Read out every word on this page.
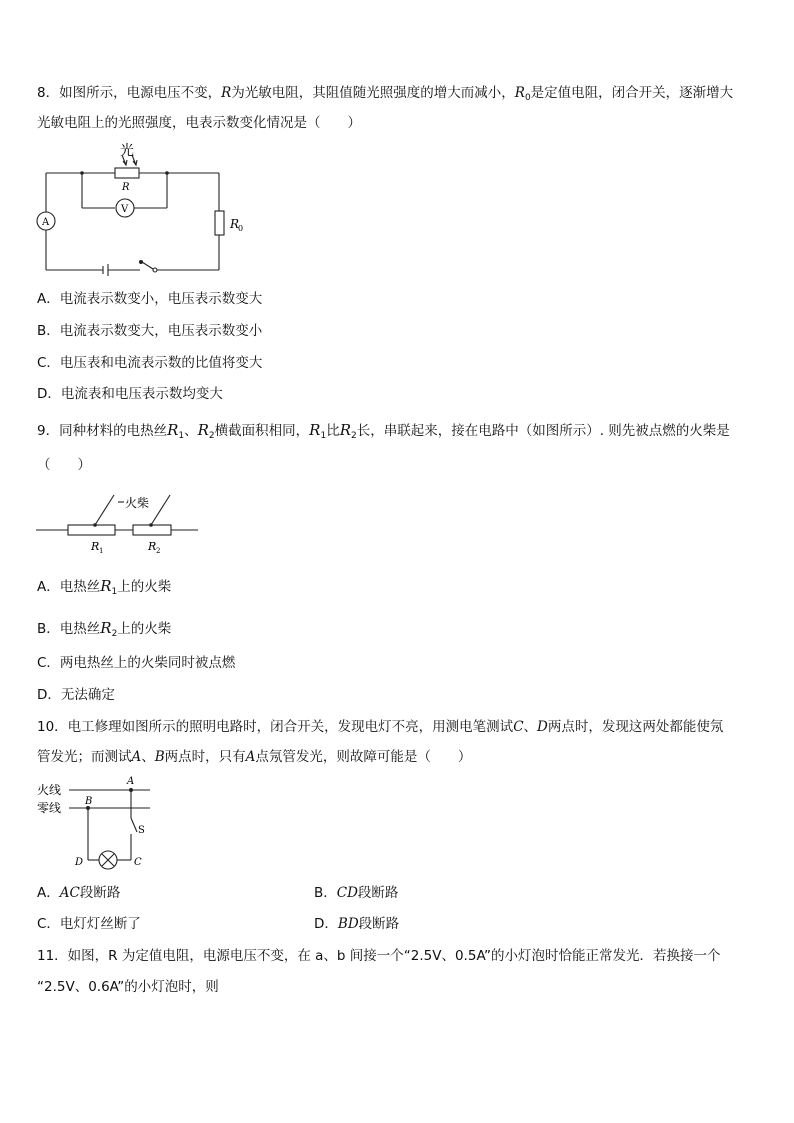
8．如图所示，电源电压不变，R为光敏电阻，其阻值随光照强度的增大而减小，$R_0$是定值电阻，闭合开关，逐渐增大
光敏电阻上的光照强度，电表示数变化情况是（　　）
光
R
V
A	R
0
A．电流表示数变小，电压表示数变大
B．电流表示数变大，电压表示数变小
C．电压表和电流表示数的比值将变大
D．电流表和电压表示数均变大
9．同种材料的电热丝$R_1$、$R_2$横截面积相同，$R_1$比$R_2$长，串联起来，接在电路中（如图所示）. 则先被点燃的火柴是
（　　）
火柴
R 1	R 2
A．电热丝$R_1$上的火柴
B．电热丝$R_2$上的火柴
C．两电热丝上的火柴同时被点燃
D．无法确定
10．电工修理如图所示的照明电路时，闭合开关，发现电灯不亮，用测电笔测试C、D两点时，发现这两处都能使氖
管发光；而测试A、B两点时，只有A点氖管发光，则故障可能是（　　）
火线
零线
A
B
S
D	C
A．AC段断路	B．CD段断路
C．电灯灯丝断了	D．BD段断路
11．如图，R 为定值电阻，电源电压不变，在 a、b 间接一个“2.5V、0.5A”的小灯泡时恰能正常发光．若换接一个
“2.5V、0.6A”的小灯泡时，则
